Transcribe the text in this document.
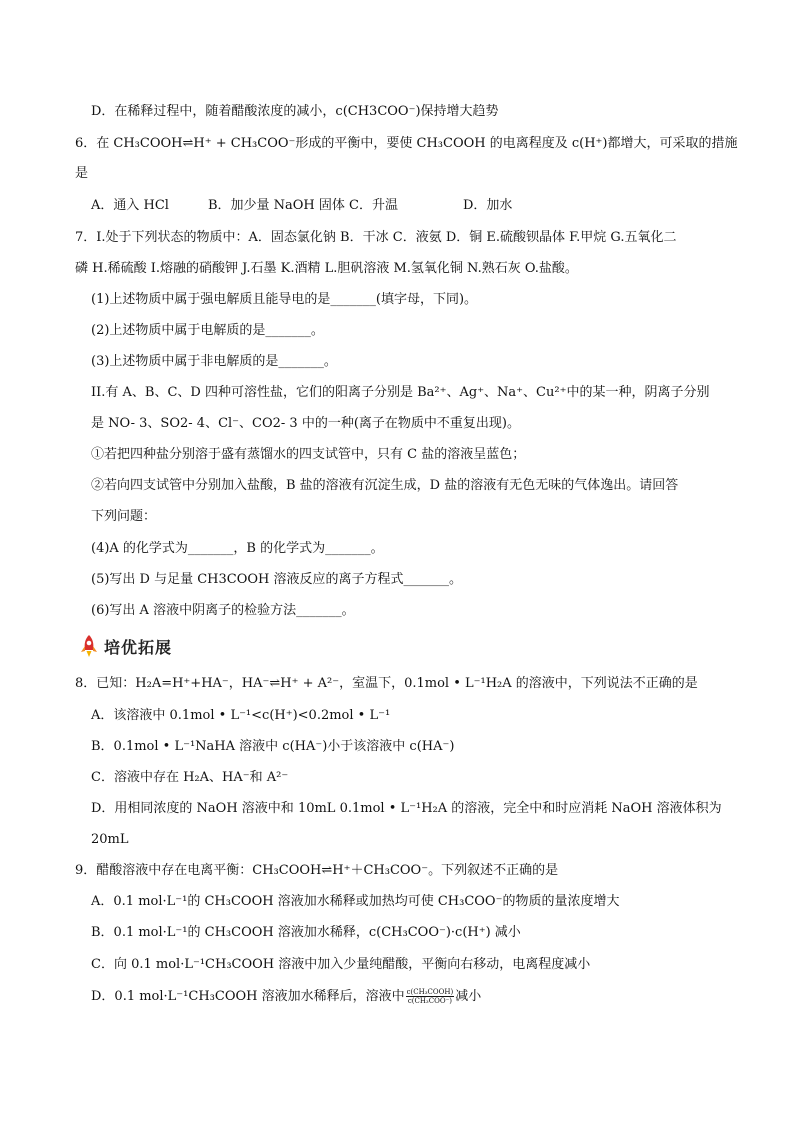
D．在稀释过程中，随着醋酸浓度的减小，c(CH3COO⁻)保持增大趋势
6．在 CH₃COOH⇌H⁺ + CH₃COO⁻形成的平衡中，要使 CH₃COOH 的电离程度及 c(H⁺)都增大，可采取的措施
是
A．通入 HCl　　　B．加少量 NaOH 固体 C．升温　　　　　D．加水
7．I.处于下列状态的物质中：A．固态氯化钠 B．干冰 C．液氨 D．铜 E.硫酸钡晶体 F.甲烷 G.五氧化二
磷 H.稀硫酸 I.熔融的硝酸钾 J.石墨 K.酒精 L.胆矾溶液 M.氢氧化铜 N.熟石灰 O.盐酸。
(1)上述物质中属于强电解质且能导电的是_______(填字母，下同)。
(2)上述物质中属于电解质的是_______。
(3)上述物质中属于非电解质的是_______。
II.有 A、B、C、D 四种可溶性盐，它们的阳离子分别是 Ba²⁺、Ag⁺、Na⁺、Cu²⁺中的某一种，阴离子分别
是 NO- 3、SO2- 4、Cl⁻、CO2- 3 中的一种(离子在物质中不重复出现)。
①若把四种盐分别溶于盛有蒸馏水的四支试管中，只有 C 盐的溶液呈蓝色；
②若向四支试管中分别加入盐酸，B 盐的溶液有沉淀生成，D 盐的溶液有无色无味的气体逸出。请回答
下列问题：
(4)A 的化学式为_______，B 的化学式为_______。
(5)写出 D 与足量 CH3COOH 溶液反应的离子方程式_______。
(6)写出 A 溶液中阴离子的检验方法_______。
培优拓展
8．已知：H₂A=H⁺+HA⁻，HA⁻⇌H⁺ + A²⁻，室温下，0.1mol • L⁻¹H₂A 的溶液中，下列说法不正确的是
A．该溶液中 0.1mol • L⁻¹<c(H⁺)<0.2mol • L⁻¹
B．0.1mol • L⁻¹NaHA 溶液中 c(HA⁻)小于该溶液中 c(HA⁻)
C．溶液中存在 H₂A、HA⁻和 A²⁻
D．用相同浓度的 NaOH 溶液中和 10mL 0.1mol • L⁻¹H₂A 的溶液，完全中和时应消耗 NaOH 溶液体积为
20mL
9．醋酸溶液中存在电离平衡：CH₃COOH⇌H⁺＋CH₃COO⁻。下列叙述不正确的是
A．0.1 mol·L⁻¹的 CH₃COOH 溶液加水稀释或加热均可使 CH₃COO⁻的物质的量浓度增大
B．0.1 mol·L⁻¹的 CH₃COOH 溶液加水稀释，c(CH₃COO⁻)·c(H⁺) 减小
C．向 0.1 mol·L⁻¹CH₃COOH 溶液中加入少量纯醋酸，平衡向右移动，电离程度减小
D．0.1 mol·L⁻¹CH₃COOH 溶液加水稀释后，溶液中 $\frac{\text{c(CH₃COOH)}}{\text{c(CH₃COO⁻)}}$ 减小
